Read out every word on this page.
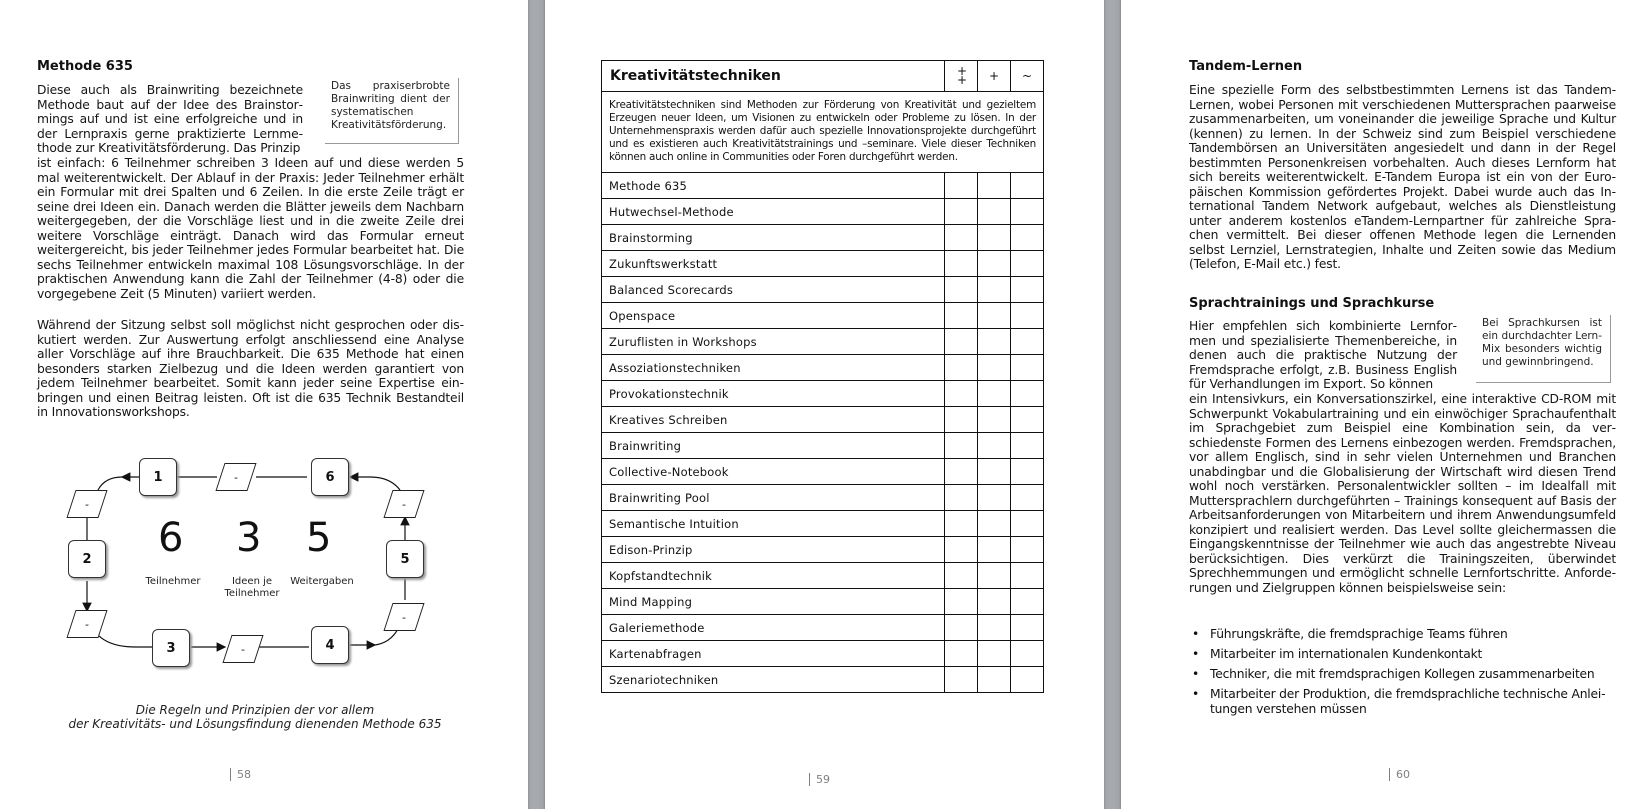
Methode 635

Diese auch als Brainwriting bezeichnete Methode baut auf der Idee des Brainstormings auf und ist eine erfolgreiche und in der Lernpraxis gerne praktizierte Lernmethode zur Kreativitätsförderung. Das Prinzip

Das praxiserbrobte Brainwriting dient der systematischen Kreativitätsförderung.

ist einfach: 6 Teilnehmer schreiben 3 Ideen auf und diese werden 5 mal weiterentwickelt. Der Ablauf in der Praxis: Jeder Teilnehmer erhält ein Formular mit drei Spalten und 6 Zeilen. In die erste Zeile trägt er seine drei Ideen ein. Danach werden die Blätter jeweils dem Nachbarn weitergegeben, der die Vorschläge liest und in die zweite Zeile drei weitere Vorschläge einträgt. Danach wird das Formular erneut weitergereicht, bis jeder Teilnehmer jedes Formular bearbeitet hat. Die sechs Teilnehmer entwickeln maximal 108 Lösungsvorschläge. In der praktischen Anwendung kann die Zahl der Teilnehmer (4-8) oder die vorgegebene Zeit (5 Minuten) variiert werden.

Während der Sitzung selbst soll möglichst nicht gesprochen oder diskutiert werden. Zur Auswertung erfolgt anschliessend eine Analyse aller Vorschläge auf ihre Brauchbarkeit. Die 635 Methode hat einen besonders starken Zielbezug und die Ideen werden garantiert von jedem Teilnehmer bearbeitet. Somit kann jeder seine Expertise einbringen und einen Beitrag leisten. Oft ist die 635 Technik Bestandteil in Innovationsworkshops.

1
2
3	4
5
6
-
-
-
-
-
-
6 3 5
Teilnehmer	Ideen je Teilnehmer
Weitergaben
Die Regeln und Prinzipien der vor allem
der Kreativitäts- und Lösungsfindung dienenden Methode 635
58
Kreativitätstechniken	++	+	~
Kreativitätstechniken sind Methoden zur Förderung von Kreativität und gezieltem Erzeugen neuer Ideen, um Visionen zu entwickeln oder Probleme zu lösen. In der Unternehmenspraxis werden dafür auch spezielle Innovationsprojekte durchgeführt und es existieren auch Kreativitätstrainings und –seminare. Viele dieser Techniken können auch online in Communities oder Foren durchgeführt werden.			
Methode 635			
Hutwechsel-Methode			
Brainstorming			
Zukunftswerkstatt			
Balanced Scorecards			
Openspace			
Zuruflisten in Workshops			
Assoziationstechniken			
Provokationstechnik			
Kreatives Schreiben			
Brainwriting			
Collective-Notebook			
Brainwriting Pool			
Semantische Intuition			
Edison-Prinzip			
Kopfstandtechnik			
Mind Mapping			
Galeriemethode			
Kartenabfragen			
Szenariotechniken			
59
Tandem-Lernen

Eine spezielle Form des selbstbestimmten Lernens ist das Tandem-Lernen, wobei Personen mit verschiedenen Muttersprachen paarweise zusammenarbeiten, um voneinander die jeweilige Sprache und Kultur (kennen) zu lernen. In der Schweiz sind zum Beispiel verschiedene Tandembörsen an Universitäten angesiedelt und dann in der Regel bestimmten Personenkreisen vorbehalten. Auch dieses Lernform hat sich bereits weiterentwickelt. E-Tandem Europa ist ein von der Europäischen Kommission gefördertes Projekt. Dabei wurde auch das International Tandem Network aufgebaut, welches als Dienstleistung unter anderem kostenlos eTandem-Lernpartner für zahlreiche Sprachen vermittelt. Bei dieser offenen Methode legen die Lernenden selbst Lernziel, Lernstrategien, Inhalte und Zeiten sowie das Medium (Telefon, E-Mail etc.) fest.

Sprachtrainings und Sprachkurse

Hier empfehlen sich kombinierte Lernformen und spezialisierte Themenbereiche, in denen auch die praktische Nutzung der Fremdsprache erfolgt, z.B. Business English für Verhandlungen im Export. So können

Bei Sprachkursen ist ein durchdachter Lern-Mix besonders wichtig und gewinnbringend.

ein Intensivkurs, ein Konversationszirkel, eine interaktive CD-ROM mit Schwerpunkt Vokabulartraining und ein einwöchiger Sprachaufenthalt im Sprachgebiet zum Beispiel eine Kombination sein, da verschiedenste Formen des Lernens einbezogen werden. Fremdsprachen, vor allem Englisch, sind in sehr vielen Unternehmen und Branchen unabdingbar und die Globalisierung der Wirtschaft wird diesen Trend wohl noch verstärken. Personalentwickler sollten – im Idealfall mit Muttersprachlern durchgeführten – Trainings konsequent auf Basis der Arbeitsanforderungen von Mitarbeitern und ihrem Anwendungsumfeld konzipiert und realisiert werden. Das Level sollte gleichermassen die Eingangskenntnisse der Teilnehmer wie auch das angestrebte Niveau berücksichtigen. Dies verkürzt die Trainingszeiten, überwindet Sprechhemmungen und ermöglicht schnelle Lernfortschritte. Anforderungen und Zielgruppen können beispielsweise sein:

60
• Führungskräfte, die fremdsprachige Teams führen
• Mitarbeiter im internationalen Kundenkontakt
• Techniker, die mit fremdsprachigen Kollegen zusammenarbeiten
• Mitarbeiter der Produktion, die fremdsprachliche technische Anleitungen verstehen müssen
